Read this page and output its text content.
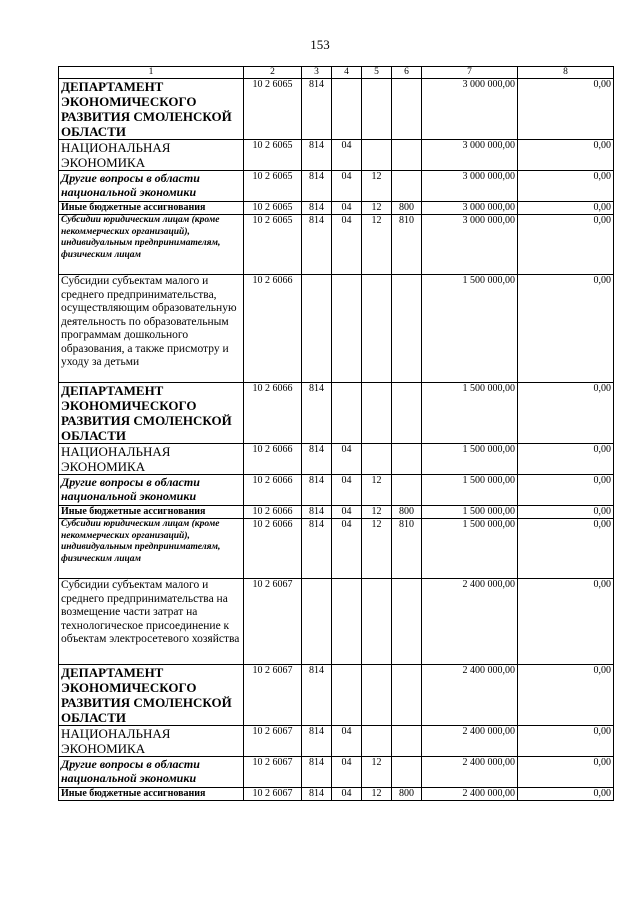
153
1	2	3	4	5	6	7	8
ДЕПАРТАМЕНТ ЭКОНОМИЧЕСКОГО РАЗВИТИЯ СМОЛЕНСКОЙ ОБЛАСТИ	10 2 6065	814				3 000 000,00	0,00
НАЦИОНАЛЬНАЯ ЭКОНОМИКА	10 2 6065	814	04			3 000 000,00	0,00
Другие вопросы в области национальной экономики	10 2 6065	814	04	12		3 000 000,00	0,00
Иные бюджетные ассигнования	10 2 6065	814	04	12	800	3 000 000,00	0,00
Субсидии юридическим лицам (кроме некоммерческих организаций), индивидуальным предпринимателям, физическим лицам	10 2 6065	814	04	12	810	3 000 000,00	0,00
Субсидии субъектам малого и среднего предпринимательства, осуществляющим образовательную деятельность по образовательным программам дошкольного образования, а также присмотру и уходу за детьми	10 2 6066					1 500 000,00	0,00
ДЕПАРТАМЕНТ ЭКОНОМИЧЕСКОГО РАЗВИТИЯ СМОЛЕНСКОЙ ОБЛАСТИ	10 2 6066	814				1 500 000,00	0,00
НАЦИОНАЛЬНАЯ ЭКОНОМИКА	10 2 6066	814	04			1 500 000,00	0,00
Другие вопросы в области национальной экономики	10 2 6066	814	04	12		1 500 000,00	0,00
Иные бюджетные ассигнования	10 2 6066	814	04	12	800	1 500 000,00	0,00
Субсидии юридическим лицам (кроме некоммерческих организаций), индивидуальным предпринимателям, физическим лицам	10 2 6066	814	04	12	810	1 500 000,00	0,00
Субсидии субъектам малого и среднего предпринимательства на возмещение части затрат на технологическое присоединение к объектам электросетевого хозяйства	10 2 6067					2 400 000,00	0,00
ДЕПАРТАМЕНТ ЭКОНОМИЧЕСКОГО РАЗВИТИЯ СМОЛЕНСКОЙ ОБЛАСТИ	10 2 6067	814				2 400 000,00	0,00
НАЦИОНАЛЬНАЯ ЭКОНОМИКА	10 2 6067	814	04			2 400 000,00	0,00
Другие вопросы в области национальной экономики	10 2 6067	814	04	12		2 400 000,00	0,00
Иные бюджетные ассигнования	10 2 6067	814	04	12	800	2 400 000,00	0,00
